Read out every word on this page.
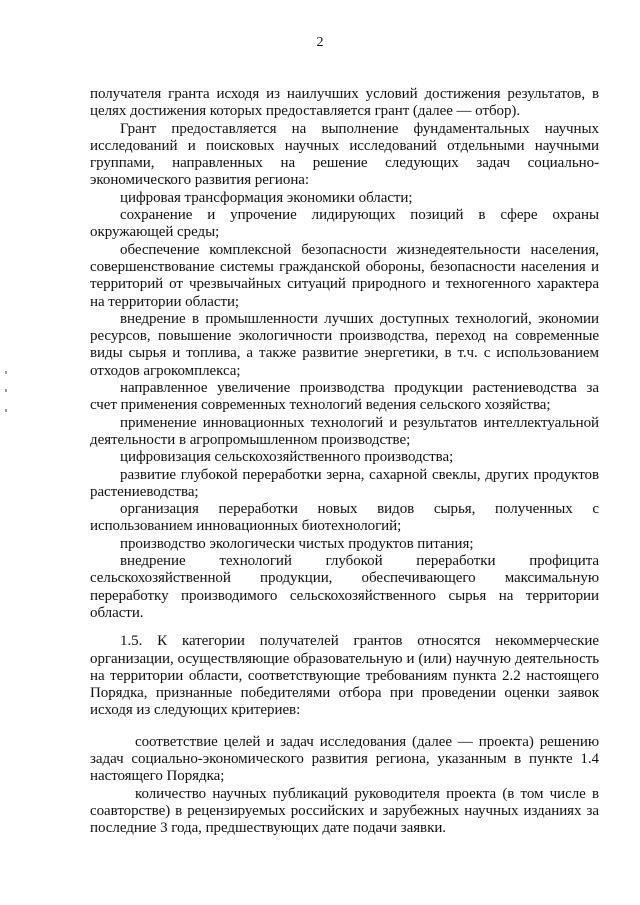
2

получателя гранта исходя из наилучших условий достижения результатов, в целях достижения которых предоставляется грант (далее — отбор).

Грант предоставляется на выполнение фундаментальных научных исследований и поисковых научных исследований отдельными научными группами, направленных на решение следующих задач социально-экономического развития региона:

цифровая трансформация экономики области;

сохранение и упрочение лидирующих позиций в сфере охраны окружающей среды;

обеспечение комплексной безопасности жизнедеятельности населения, совершенствование системы гражданской обороны, безопасности населения и территорий от чрезвычайных ситуаций природного и техногенного характера на территории области;

внедрение в промышленности лучших доступных технологий, экономии ресурсов, повышение экологичности производства, переход на современные виды сырья и топлива, а также развитие энергетики, в т.ч. с использованием отходов агрокомплекса;

направленное увеличение производства продукции растениеводства за счет применения современных технологий ведения сельского хозяйства;

применение инновационных технологий и результатов интеллектуальной деятельности в агропромышленном производстве;

цифровизация сельскохозяйственного производства;

развитие глубокой переработки зерна, сахарной свеклы, других продуктов растениеводства;

организация переработки новых видов сырья, полученных с использованием инновационных биотехнологий;

производство экологически чистых продуктов питания;

внедрение технологий глубокой переработки профицита сельскохозяйственной продукции, обеспечивающего максимальную переработку производимого сельскохозяйственного сырья на территории области.

1.5. К категории получателей грантов относятся некоммерческие организации, осуществляющие образовательную и (или) научную деятельность на территории области, соответствующие требованиям пункта 2.2 настоящего Порядка, признанные победителями отбора при проведении оценки заявок исходя из следующих критериев:

соответствие целей и задач исследования (далее — проекта) решению задач социально-экономического развития региона, указанным в пункте 1.4 настоящего Порядка;

количество научных публикаций руководителя проекта (в том числе в соавторстве) в рецензируемых российских и зарубежных научных изданиях за последние 3 года, предшествующих дате подачи заявки.
